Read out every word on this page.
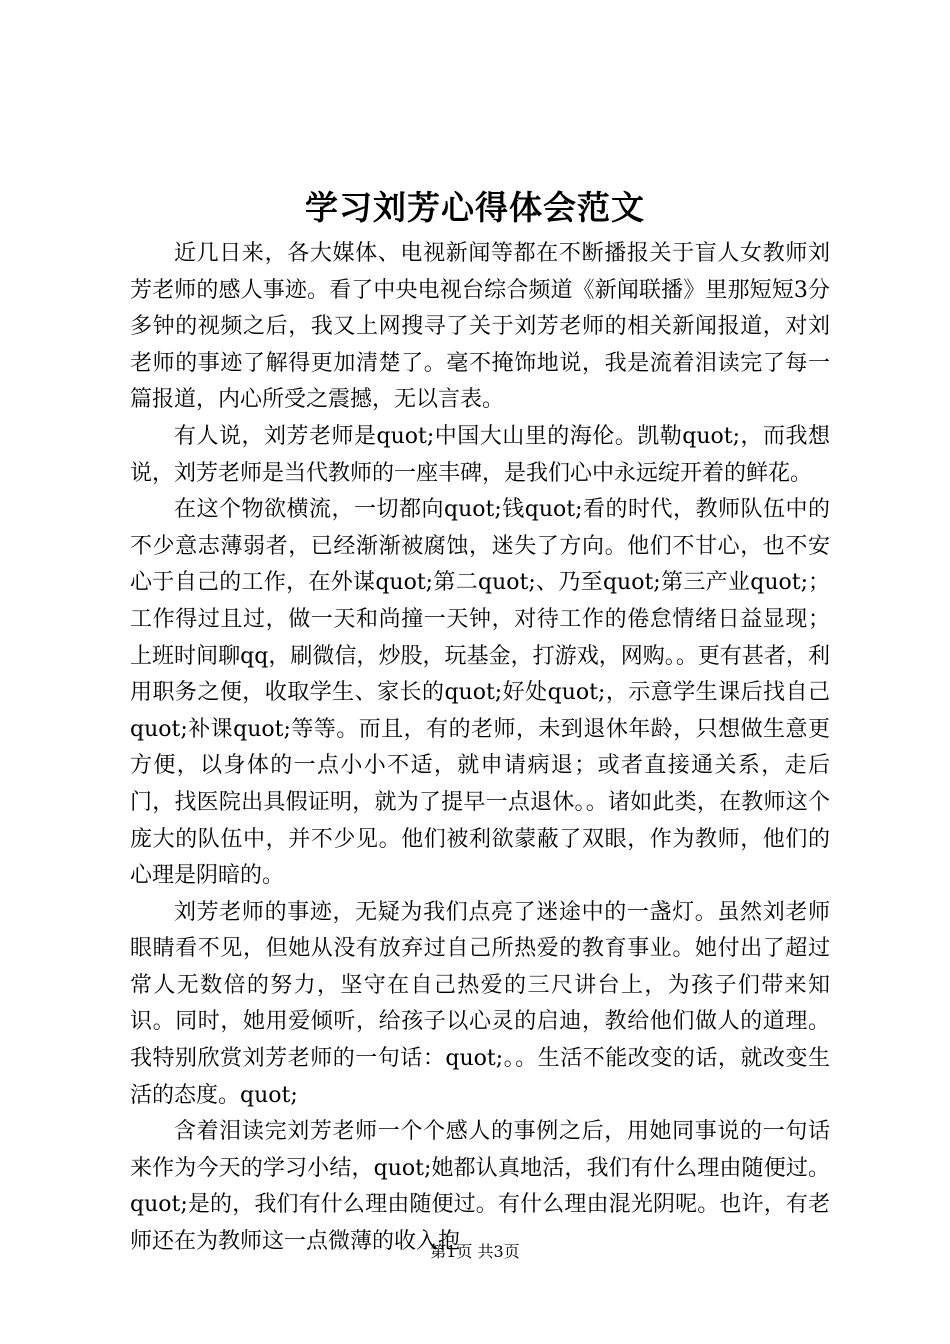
学习刘芳心得体会范文

近几日来，各大媒体、电视新闻等都在不断播报关于盲人女教师刘芳老师的感人事迹。看了中央电视台综合频道《新闻联播》里那短短3分多钟的视频之后，我又上网搜寻了关于刘芳老师的相关新闻报道，对刘老师的事迹了解得更加清楚了。毫不掩饰地说，我是流着泪读完了每一篇报道，内心所受之震撼，无以言表。

有人说，刘芳老师是quot;中国大山里的海伦。凯勒quot;，而我想说，刘芳老师是当代教师的一座丰碑，是我们心中永远绽开着的鲜花。

在这个物欲横流，一切都向quot;钱quot;看的时代，教师队伍中的不少意志薄弱者，已经渐渐被腐蚀，迷失了方向。他们不甘心，也不安心于自己的工作，在外谋quot;第二quot;、乃至quot;第三产业quot;；工作得过且过，做一天和尚撞一天钟，对待工作的倦怠情绪日益显现；上班时间聊qq，刷微信，炒股，玩基金，打游戏，网购。。更有甚者，利用职务之便，收取学生、家长的quot;好处quot;，示意学生课后找自己quot;补课quot;等等。而且，有的老师，未到退休年龄，只想做生意更方便，以身体的一点小小不适，就申请病退；或者直接通关系，走后门，找医院出具假证明，就为了提早一点退休。。诸如此类，在教师这个庞大的队伍中，并不少见。他们被利欲蒙蔽了双眼，作为教师，他们的心理是阴暗的。

刘芳老师的事迹，无疑为我们点亮了迷途中的一盏灯。虽然刘老师眼睛看不见，但她从没有放弃过自己所热爱的教育事业。她付出了超过常人无数倍的努力，坚守在自己热爱的三尺讲台上，为孩子们带来知识。同时，她用爱倾听，给孩子以心灵的启迪，教给他们做人的道理。我特别欣赏刘芳老师的一句话：quot;。。生活不能改变的话，就改变生活的态度。quot;

含着泪读完刘芳老师一个个感人的事例之后，用她同事说的一句话来作为今天的学习小结，quot;她都认真地活，我们有什么理由随便过。quot;是的，我们有什么理由随便过。有什么理由混光阴呢。也许，有老师还在为教师这一点微薄的收入抱

第1页 共3页
